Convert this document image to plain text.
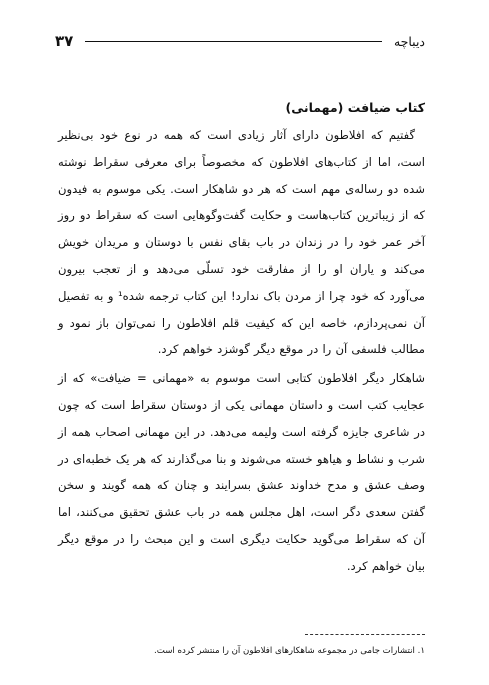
دیباچه
۳۷
کتاب ضیافت (مهمانی)

گفتیم که افلاطون دارای آثار زیادی است که همه در نوع خود بی‌نظیر است، اما از کتاب‌های افلاطون که مخصوصاً برای معرفی سقراط نوشته شده دو رساله‌ی مهم است که هر دو شاهکار است. یکی موسوم به فیدون که از زیباترین کتاب‌هاست و حکایت گفت‌وگوهایی است که سقراط دو روز آخر عمر خود را در زندان در باب بقای نفس با دوستان و مریدان خویش می‌کند و یاران او را از مفارقت خود تسلّی می‌دهد و از تعجب بیرون می‌آورد که خود چرا از مردن باک ندارد! این کتاب ترجمه شده¹ و به تفصیل آن نمی‌پردازم، خاصه این که کیفیت قلم افلاطون را نمی‌توان باز نمود و مطالب فلسفی آن را در موقع دیگر گوشزد خواهم کرد.

شاهکار دیگر افلاطون کتابی است موسوم به «مهمانی = ضیافت» که از عجایب کتب است و داستان مهمانی یکی از دوستان سقراط است که چون در شاعری جایزه گرفته است ولیمه می‌دهد. در این مهمانی اصحاب همه از شرب و نشاط و هیاهو خسته می‌شوند و بنا می‌گذارند که هر یک خطبه‌ای در وصف عشق و مدح خداوند عشق بسرایند و چنان که همه گویند و سخن گفتن سعدی دگر است، اهل مجلس همه در باب عشق تحقیق می‌کنند، اما آن که سقراط می‌گوید حکایت دیگری است و این مبحث را در موقع دیگر بیان خواهم کرد.

۱. انتشارات جامی در مجموعه شاهکارهای افلاطون آن را منتشر کرده است.
